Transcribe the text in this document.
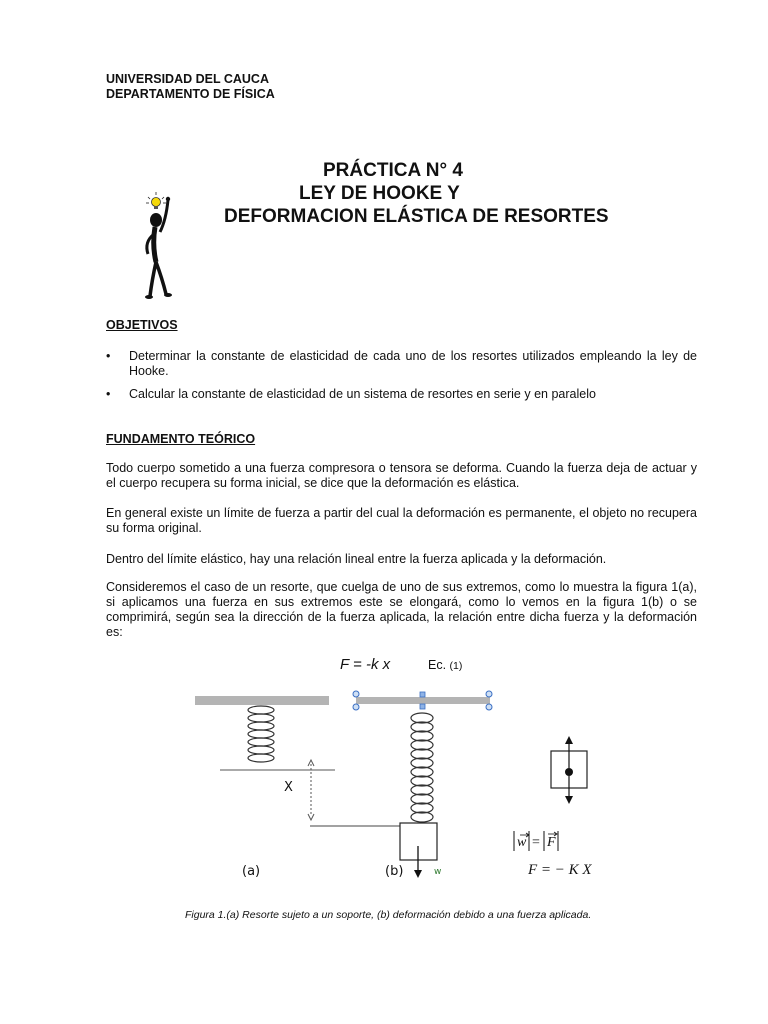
UNIVERSIDAD DEL CAUCA
DEPARTAMENTO DE FÍSICA
PRÁCTICA N° 4
LEY DE HOOKE Y
DEFORMACION ELÁSTICA DE RESORTES
OBJETIVOS
• Determinar la constante de elasticidad de cada uno de los resortes utilizados empleando la ley de Hooke.
• Calcular la constante de elasticidad de un sistema de resortes en serie y en paralelo
FUNDAMENTO TEÓRICO
Todo cuerpo sometido a una fuerza compresora o tensora se deforma. Cuando la fuerza deja de actuar y el cuerpo recupera su forma inicial, se dice que la deformación es elástica.
En general existe un límite de fuerza a partir del cual la deformación es permanente, el objeto no recupera su forma original.
Dentro del límite elástico, hay una relación lineal entre la fuerza aplicada y la deformación.
Consideremos el caso de un resorte, que cuelga de uno de sus extremos, como lo muestra la figura 1(a), si aplicamos una fuerza en sus extremos este se elongará, como lo vemos en la figura 1(b) o se comprimirá, según sea la dirección de la fuerza aplicada, la relación entre dicha fuerza y la deformación es:
F = -k x	Ec. (1)
w
w = F
F = − K X
X
(a)	(b)
Figura 1.(a) Resorte sujeto a un soporte, (b) deformación debido a una fuerza aplicada.
